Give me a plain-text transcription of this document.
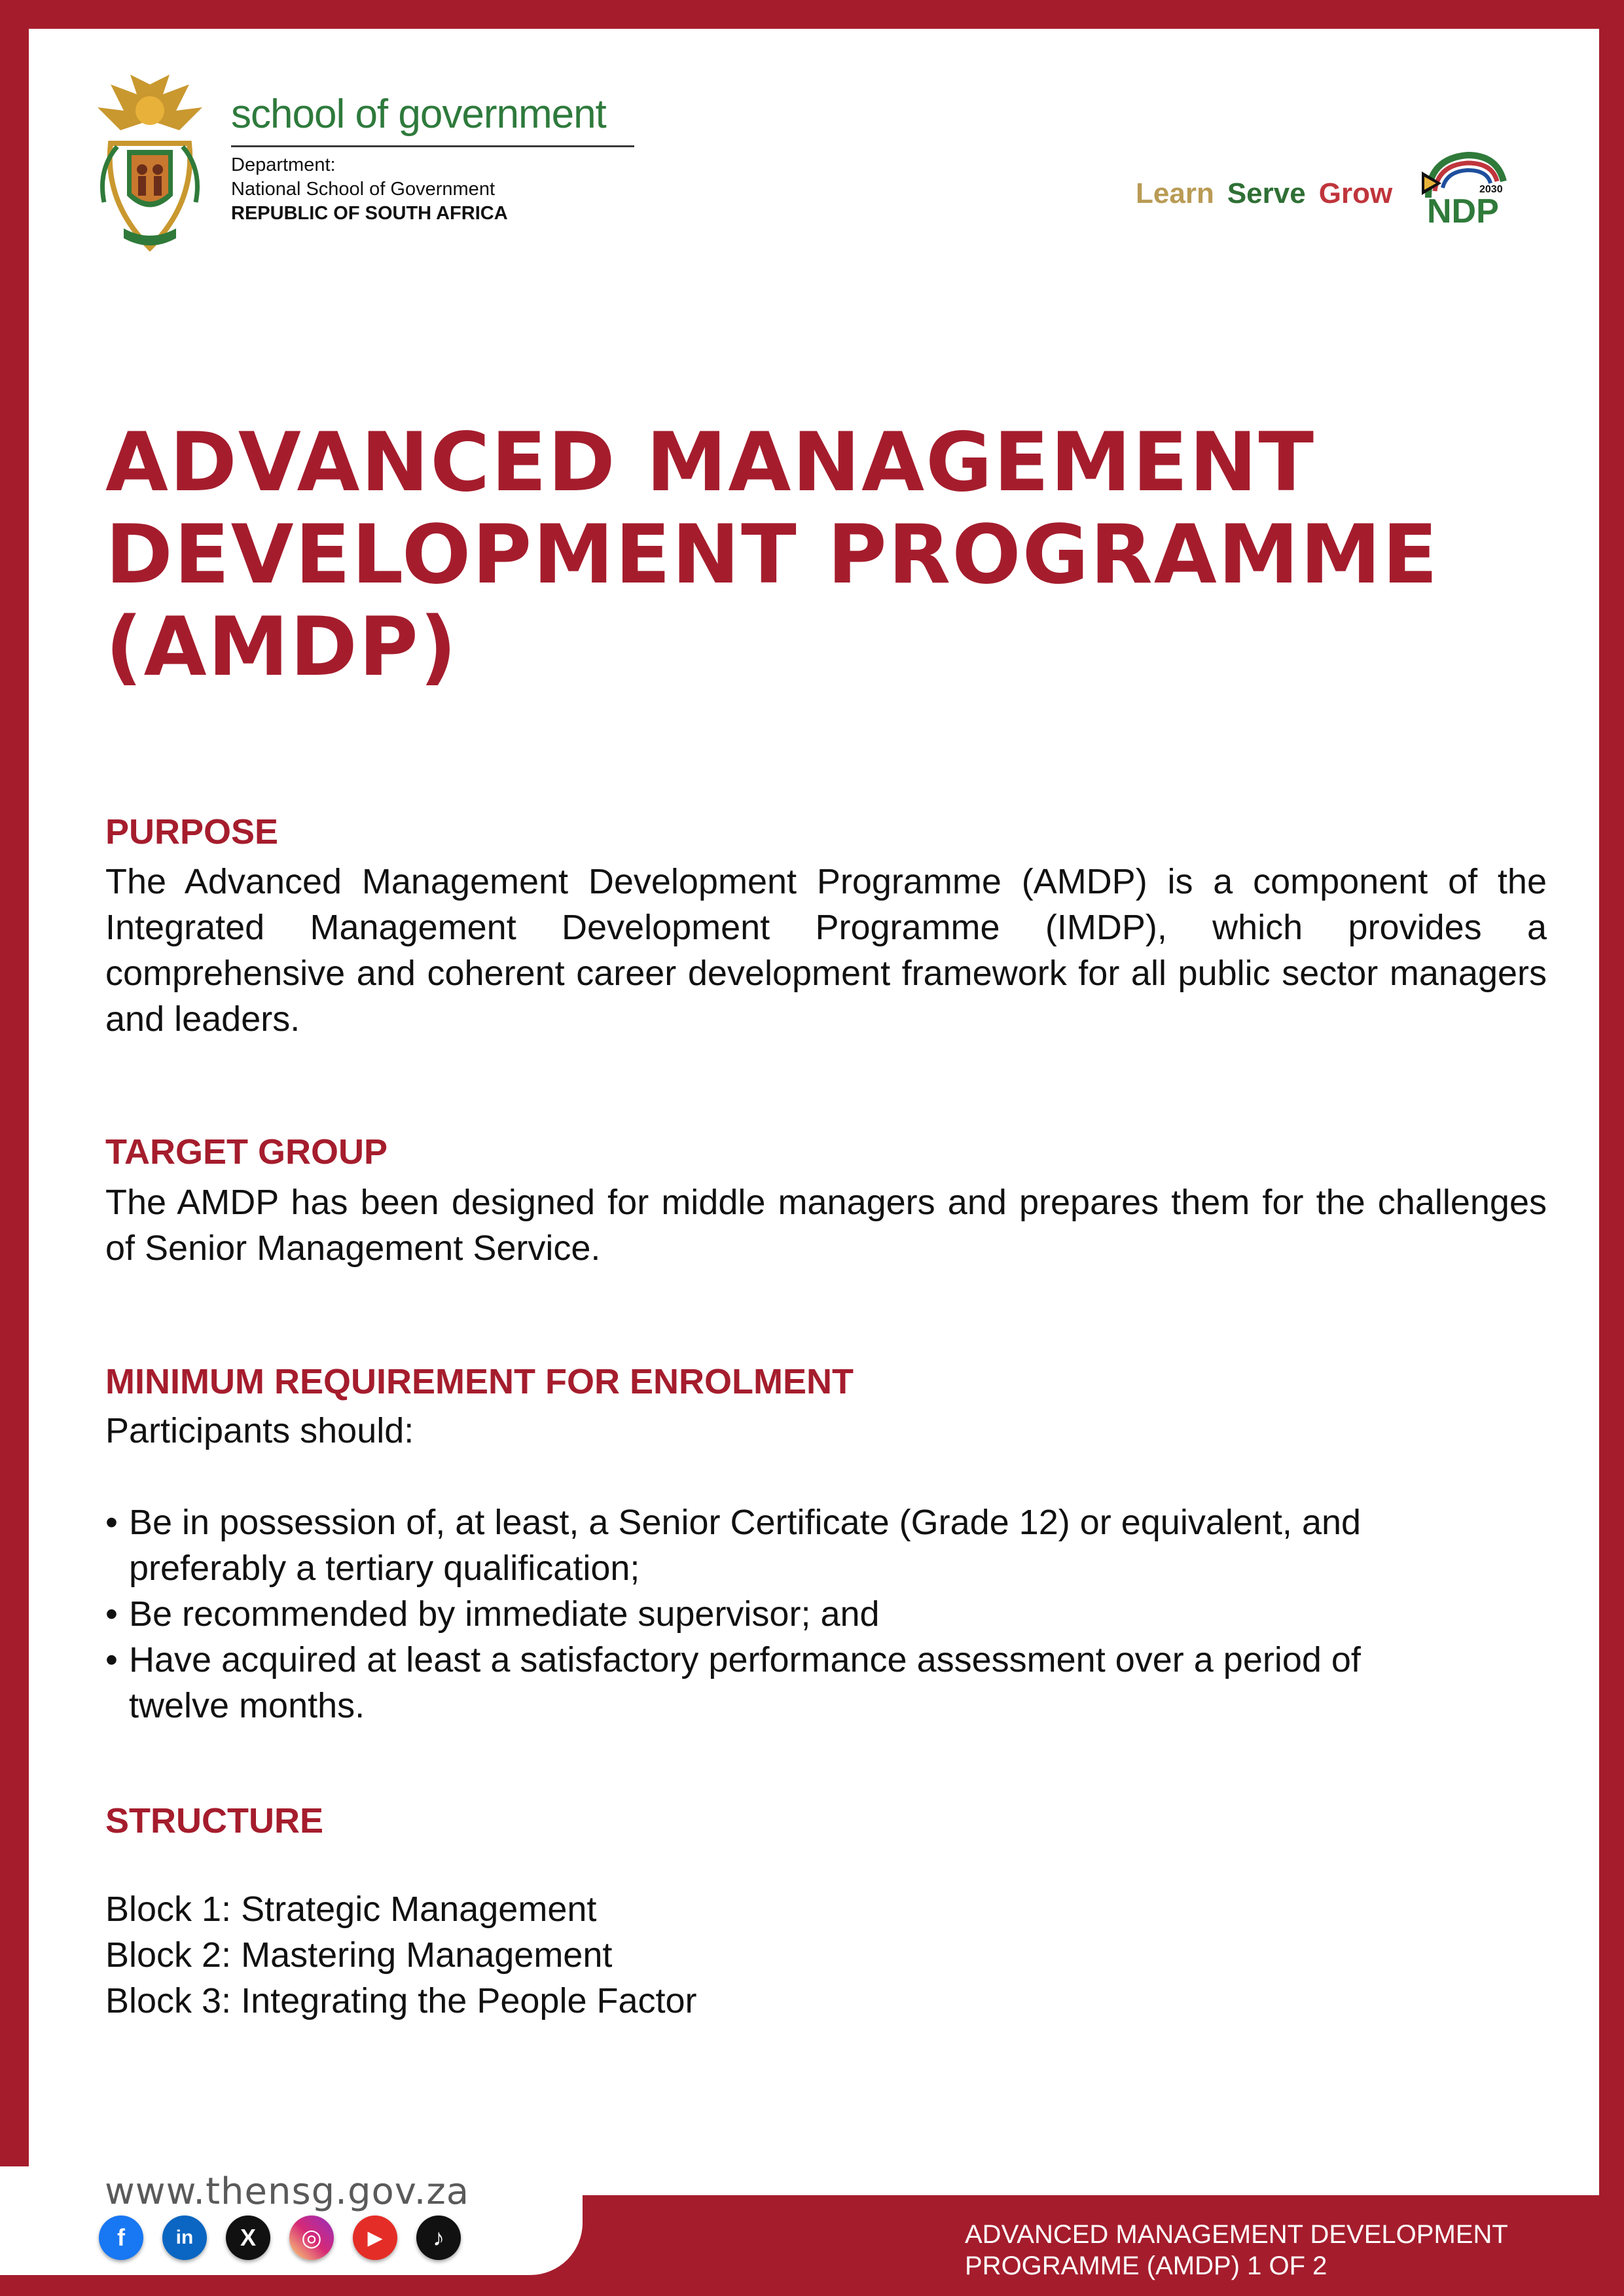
school of government
Department:
National School of Government
REPUBLIC OF SOUTH AFRICA
Learn Serve Grow	2030
NDP
ADVANCED MANAGEMENT
DEVELOPMENT PROGRAMME
(AMDP)
PURPOSE
The Advanced Management Development Programme (AMDP) is a component of the Integrated Management Development Programme (IMDP), which provides a comprehensive and coherent career development framework for all public sector managers and leaders.
TARGET GROUP
The AMDP has been designed for middle managers and prepares them for the challenges of Senior Management Service.
MINIMUM REQUIREMENT FOR ENROLMENT
Participants should:
• Be in possession of, at least, a Senior Certificate (Grade 12) or equivalent, and
preferably a tertiary qualification;
• Be recommended by immediate supervisor; and
• Have acquired at least a satisfactory performance assessment over a period of
twelve months.
STRUCTURE
Block 1: Strategic Management
Block 2: Mastering Management
Block 3: Integrating the People Factor
www.thensg.gov.za
f	in	X	◎	▶	♪	ADVANCED MANAGEMENT DEVELOPMENT
PROGRAMME (AMDP) 1 OF 2
